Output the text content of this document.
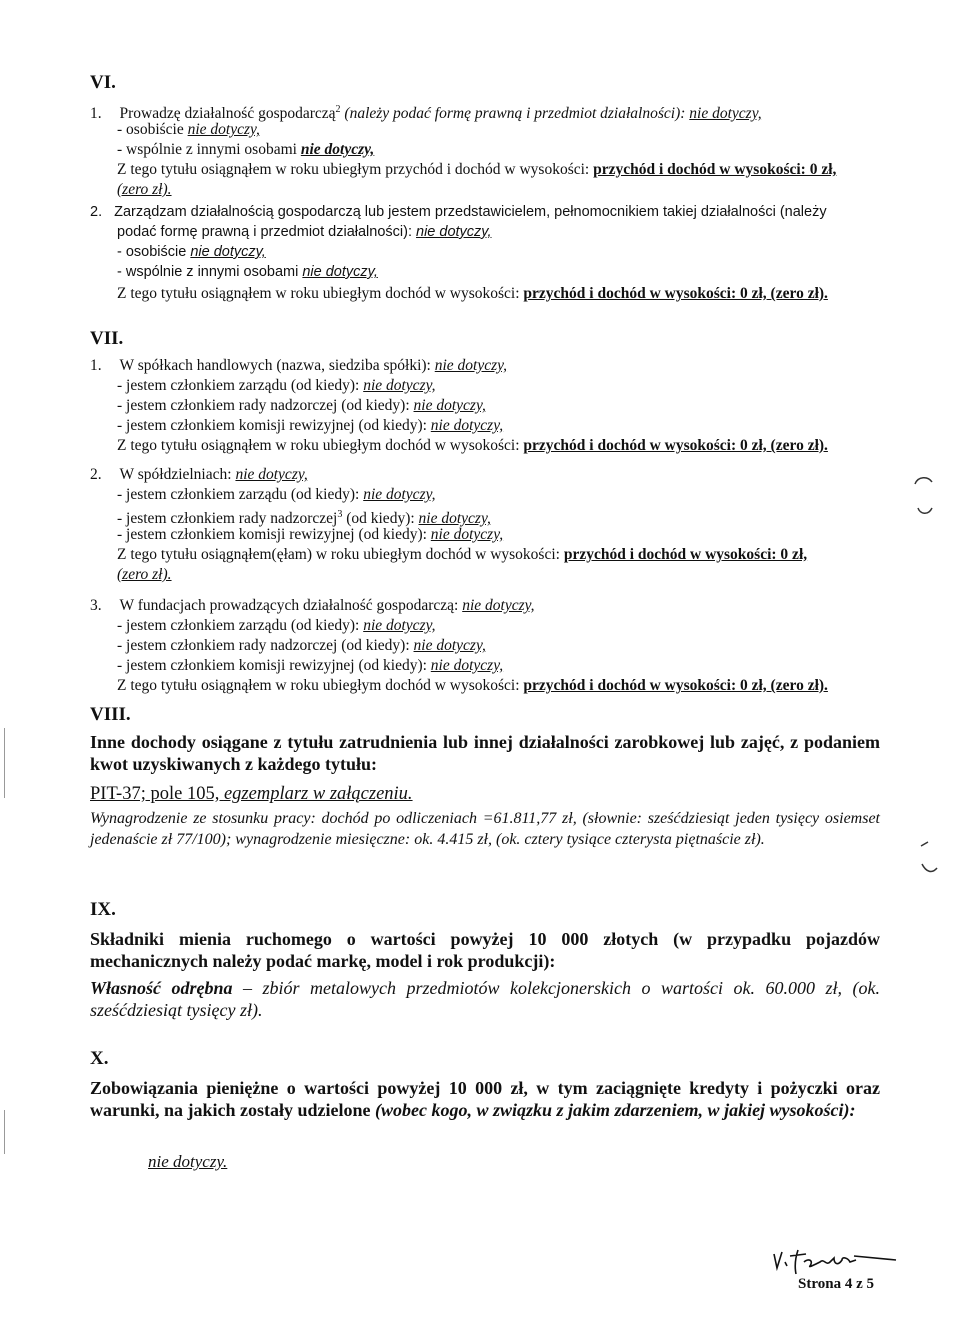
VI.
1. Prowadzę działalność gospodarczą$^2$ (należy podać formę prawną i przedmiot działalności): nie dotyczy,
- osobiście nie dotyczy,
- wspólnie z innymi osobami nie dotyczy,
Z tego tytułu osiągnąłem w roku ubiegłym przychód i dochód w wysokości: przychód i dochód w wysokości: 0 zł,
(zero zł).
2. Zarządzam działalnością gospodarczą lub jestem przedstawicielem, pełnomocnikiem takiej działalności (należy
podać formę prawną i przedmiot działalności): nie dotyczy,
- osobiście nie dotyczy,
- wspólnie z innymi osobami nie dotyczy,
Z tego tytułu osiągnąłem w roku ubiegłym dochód w wysokości: przychód i dochód w wysokości: 0 zł, (zero zł).
VII.
1. W spółkach handlowych (nazwa, siedziba spółki): nie dotyczy,
- jestem członkiem zarządu (od kiedy): nie dotyczy,
- jestem członkiem rady nadzorczej (od kiedy): nie dotyczy,
- jestem członkiem komisji rewizyjnej (od kiedy): nie dotyczy,
Z tego tytułu osiągnąłem w roku ubiegłym dochód w wysokości: przychód i dochód w wysokości: 0 zł, (zero zł).
2. W spółdzielniach: nie dotyczy,
- jestem członkiem zarządu (od kiedy): nie dotyczy,
- jestem członkiem rady nadzorczej$^3$ (od kiedy): nie dotyczy,
- jestem członkiem komisji rewizyjnej (od kiedy): nie dotyczy,
Z tego tytułu osiągnąłem(ęłam) w roku ubiegłym dochód w wysokości: przychód i dochód w wysokości: 0 zł,
(zero zł).
3. W fundacjach prowadzących działalność gospodarczą: nie dotyczy,
- jestem członkiem zarządu (od kiedy): nie dotyczy,
- jestem członkiem rady nadzorczej (od kiedy): nie dotyczy,
- jestem członkiem komisji rewizyjnej (od kiedy): nie dotyczy,
Z tego tytułu osiągnąłem w roku ubiegłym dochód w wysokości: przychód i dochód w wysokości: 0 zł, (zero zł).
VIII.
Inne dochody osiągane z tytułu zatrudnienia lub innej działalności zarobkowej lub zajęć, z podaniem kwot uzyskiwanych z każdego tytułu:
PIT-37; pole 105, egzemplarz w załączeniu.
Wynagrodzenie ze stosunku pracy: dochód po odliczeniach =61.811,77 zł, (słownie: sześćdziesiąt jeden tysięcy osiemset jedenaście zł 77/100); wynagrodzenie miesięczne: ok. 4.415 zł, (ok. cztery tysiące czterysta piętnaście zł).
IX.
Składniki mienia ruchomego o wartości powyżej 10 000 złotych (w przypadku pojazdów mechanicznych należy podać markę, model i rok produkcji):
Własność odrębna – zbiór metalowych przedmiotów kolekcjonerskich o wartości ok. 60.000 zł, (ok. sześćdziesiąt tysięcy zł).
X.
Zobowiązania pieniężne o wartości powyżej 10 000 zł, w tym zaciągnięte kredyty i pożyczki oraz warunki, na jakich zostały udzielone (wobec kogo, w związku z jakim zdarzeniem, w jakiej wysokości):
nie dotyczy.
Strona 4 z 5
